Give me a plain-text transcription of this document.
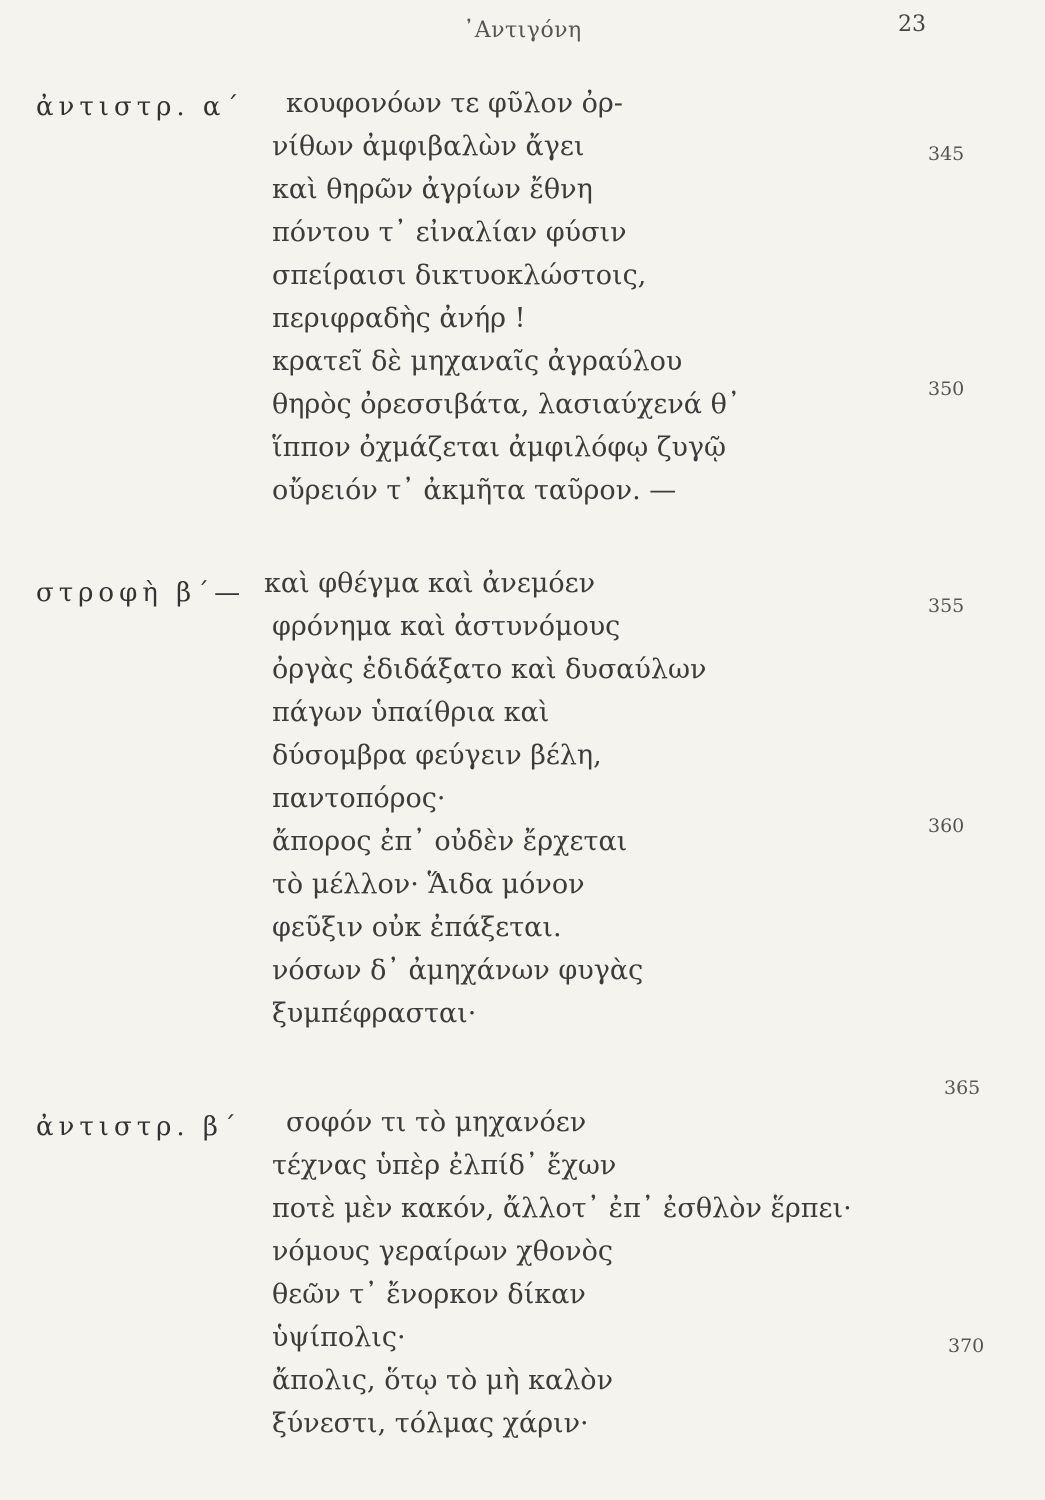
᾿Αντιγόνη	23
ἀντιστρ. α΄ κουφονόων τε φῦλον ὀρ-
νίθων ἀμφιβαλὼν ἄγει
καὶ θηρῶν ἀγρίων ἔθνη
πόντου τ᾿ εἰναλίαν φύσιν
σπείραισι δικτυοκλώστοις,
περιφραδὴς ἀνήρ !
κρατεῖ δὲ μηχαναῖς ἀγραύλου
θηρὸς ὀρεσσιβάτα, λασιαύχενά θ᾿
ἵππον ὀχμάζεται ἀμφιλόφῳ ζυγῷ
οὔρειόν τ᾿ ἀκμῆτα ταῦρον. —
345
350
στροφὴ β΄— καὶ φθέγμα καὶ ἀνεμόεν
φρόνημα καὶ ἀστυνόμους
ὀργὰς ἐδιδάξατο καὶ δυσαύλων
πάγων ὑπαίθρια καὶ
δύσομβρα φεύγειν βέλη,
παντοπόρος·
ἄπορος ἐπ᾿ οὐδὲν ἔρχεται
τὸ μέλλον· Ἅιδα μόνον
φεῦξιν οὐκ ἐπάξεται.
νόσων δ᾿ ἀμηχάνων φυγὰς
ξυμπέφρασται·
355
360
365
ἀντιστρ. β΄ σοφόν τι τὸ μηχανόεν
τέχνας ὑπὲρ ἐλπίδ᾿ ἔχων
ποτὲ μὲν κακόν, ἄλλοτ᾿ ἐπ᾿ ἐσθλὸν ἕρπει·
νόμους γεραίρων χθονὸς
θεῶν τ᾿ ἔνορκον δίκαν
ὑψίπολις·
ἄπολις, ὅτῳ τὸ μὴ καλὸν
ξύνεστι, τόλμας χάριν·
370
